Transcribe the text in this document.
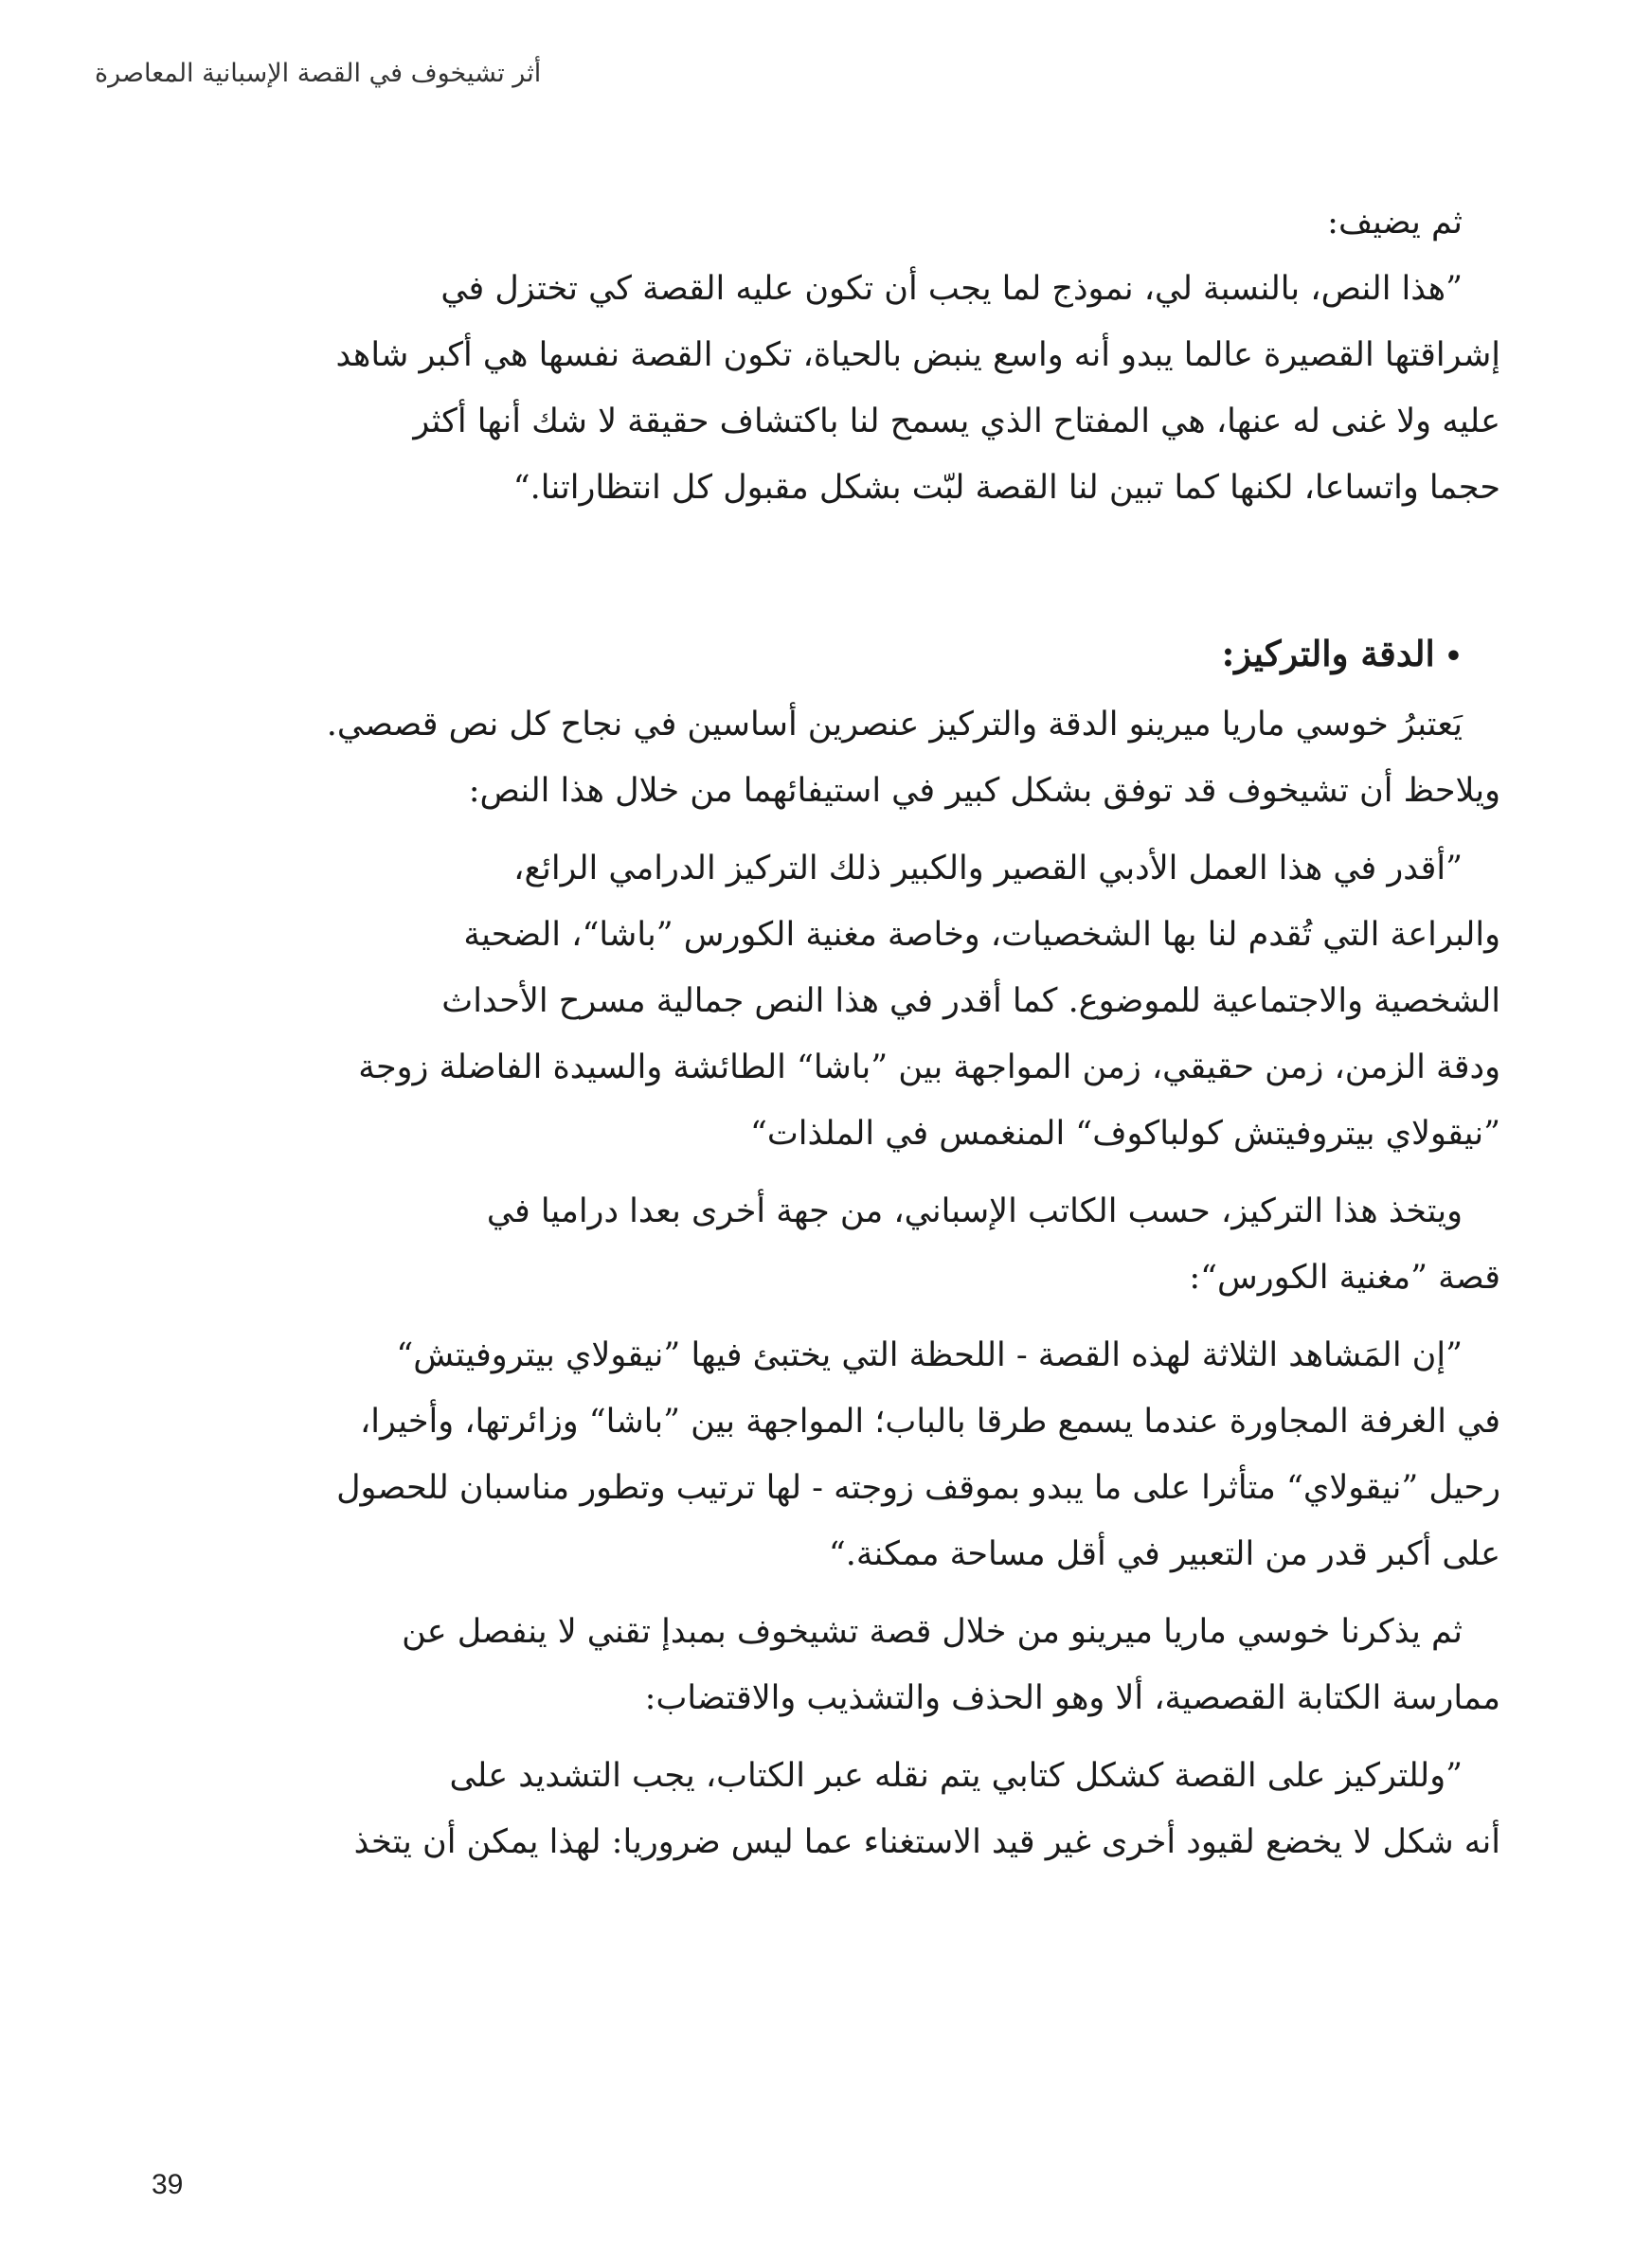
أثر تشيخوف في القصة الإسبانية المعاصرة
ثم يضيف:
”هذا النص، بالنسبة لي، نموذج لما يجب أن تكون عليه القصة كي تختزل في
إشراقتها القصيرة عالما يبدو أنه واسع ينبض بالحياة، تكون القصة نفسها هي أكبر شاهد
عليه ولا غنى له عنها، هي المفتاح الذي يسمح لنا باكتشاف حقيقة لا شك أنها أكثر
حجما واتساعا، لكنها كما تبين لنا القصة لبّت بشكل مقبول كل انتظاراتنا.“
•الدقة والتركيز:
يَعتبرُ خوسي ماريا ميرينو الدقة والتركيز عنصرين أساسين في نجاح كل نص قصصي.
ويلاحظ أن تشيخوف قد توفق بشكل كبير في استيفائهما من خلال هذا النص:
”أقدر في هذا العمل الأدبي القصير والكبير ذلك التركيز الدرامي الرائع،
والبراعة التي تُقدم لنا بها الشخصيات، وخاصة مغنية الكورس ”باشا“، الضحية
الشخصية والاجتماعية للموضوع. كما أقدر في هذا النص جمالية مسرح الأحداث
ودقة الزمن، زمن حقيقي، زمن المواجهة بين ”باشا“ الطائشة والسيدة الفاضلة زوجة
”نيقولاي بيتروفيتش كولباكوف“ المنغمس في الملذات“
ويتخذ هذا التركيز، حسب الكاتب الإسباني، من جهة أخرى بعدا دراميا في
قصة ”مغنية الكورس“:
”إن المَشاهد الثلاثة لهذه القصة - اللحظة التي يختبئ فيها ”نيقولاي بيتروفيتش“
في الغرفة المجاورة عندما يسمع طرقا بالباب؛ المواجهة بين ”باشا“ وزائرتها، وأخيرا،
رحيل ”نيقولاي“ متأثرا على ما يبدو بموقف زوجته - لها ترتيب وتطور مناسبان للحصول
على أكبر قدر من التعبير في أقل مساحة ممكنة.“
ثم يذكرنا خوسي ماريا ميرينو من خلال قصة تشيخوف بمبدإ تقني لا ينفصل عن
ممارسة الكتابة القصصية، ألا وهو الحذف والتشذيب والاقتضاب:
”وللتركيز على القصة كشكل كتابي يتم نقله عبر الكتاب، يجب التشديد على
أنه شكل لا يخضع لقيود أخرى غير قيد الاستغناء عما ليس ضروريا: لهذا يمكن أن يتخذ
39
